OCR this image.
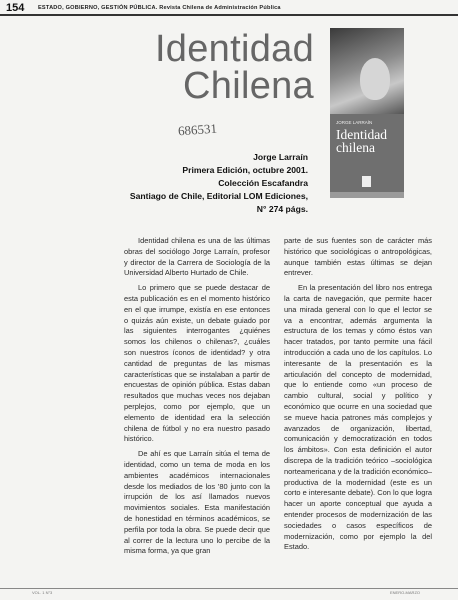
154 ESTADO, GOBIERNO, GESTIÓN PÚBLICA. Revista Chilena de Administración Pública
Identidad
Chilena
686531
Jorge Larraín
Primera Edición, octubre 2001.
Colección Escafandra
Santiago de Chile, Editorial LOM Ediciones,
N° 274 págs.
JORGE LARRAÍN
Identidad chilena

Identidad chilena es una de las últimas obras del sociólogo Jorge Larraín, profesor y director de la Carrera de Sociología de la Universidad Alberto Hurtado de Chile.

Lo primero que se puede destacar de esta publicación es en el momento histórico en el que irrumpe, existía en ese entonces o quizás aún existe, un debate guiado por las siguientes interrogantes ¿quiénes somos los chilenos o chilenas?, ¿cuáles son nuestros íconos de identidad? y otra cantidad de preguntas de las mismas características que se instalaban a partir de encuestas de opinión pública. Estas daban resultados que muchas veces nos dejaban perplejos, como por ejemplo, que un elemento de identidad era la selección chilena de fútbol y no era nuestro pasado histórico.

De ahí es que Larraín sitúa el tema de identidad, como un tema de moda en los ambientes académicos internacionales desde los mediados de los '80 junto con la irrupción de los así llamados nuevos movimientos sociales. Esta manifestación de honestidad en términos académicos, se perfila por toda la obra. Se puede decir que al correr de la lectura uno lo percibe de la misma forma, ya que gran

parte de sus fuentes son de carácter más histórico que sociológicas o antropológicas, aunque también estas últimas se dejan entrever.

En la presentación del libro nos entrega la carta de navegación, que permite hacer una mirada general con lo que el lector se va a encontrar, además argumenta la estructura de los temas y cómo éstos van hacer tratados, por tanto permite una fácil introducción a cada uno de los capítulos. Lo interesante de la presentación es la articulación del concepto de modernidad, que lo entiende como «un proceso de cambio cultural, social y político y económico que ocurre en una sociedad que se mueve hacia patrones más complejos y avanzados de organización, libertad, comunicación y democratización en todos los ámbitos». Con esta definición el autor discrepa de la tradición teórico –sociológica norteamericana y de la tradición económico– productiva de la modernidad (este es un corto e interesante debate). Con lo que logra hacer un aporte conceptual que ayuda a entender procesos de modernización de las sociedades o casos específicos de modernización, como por ejemplo la del Estado.

VOL. 1 N°3	ENERO-MARZO
